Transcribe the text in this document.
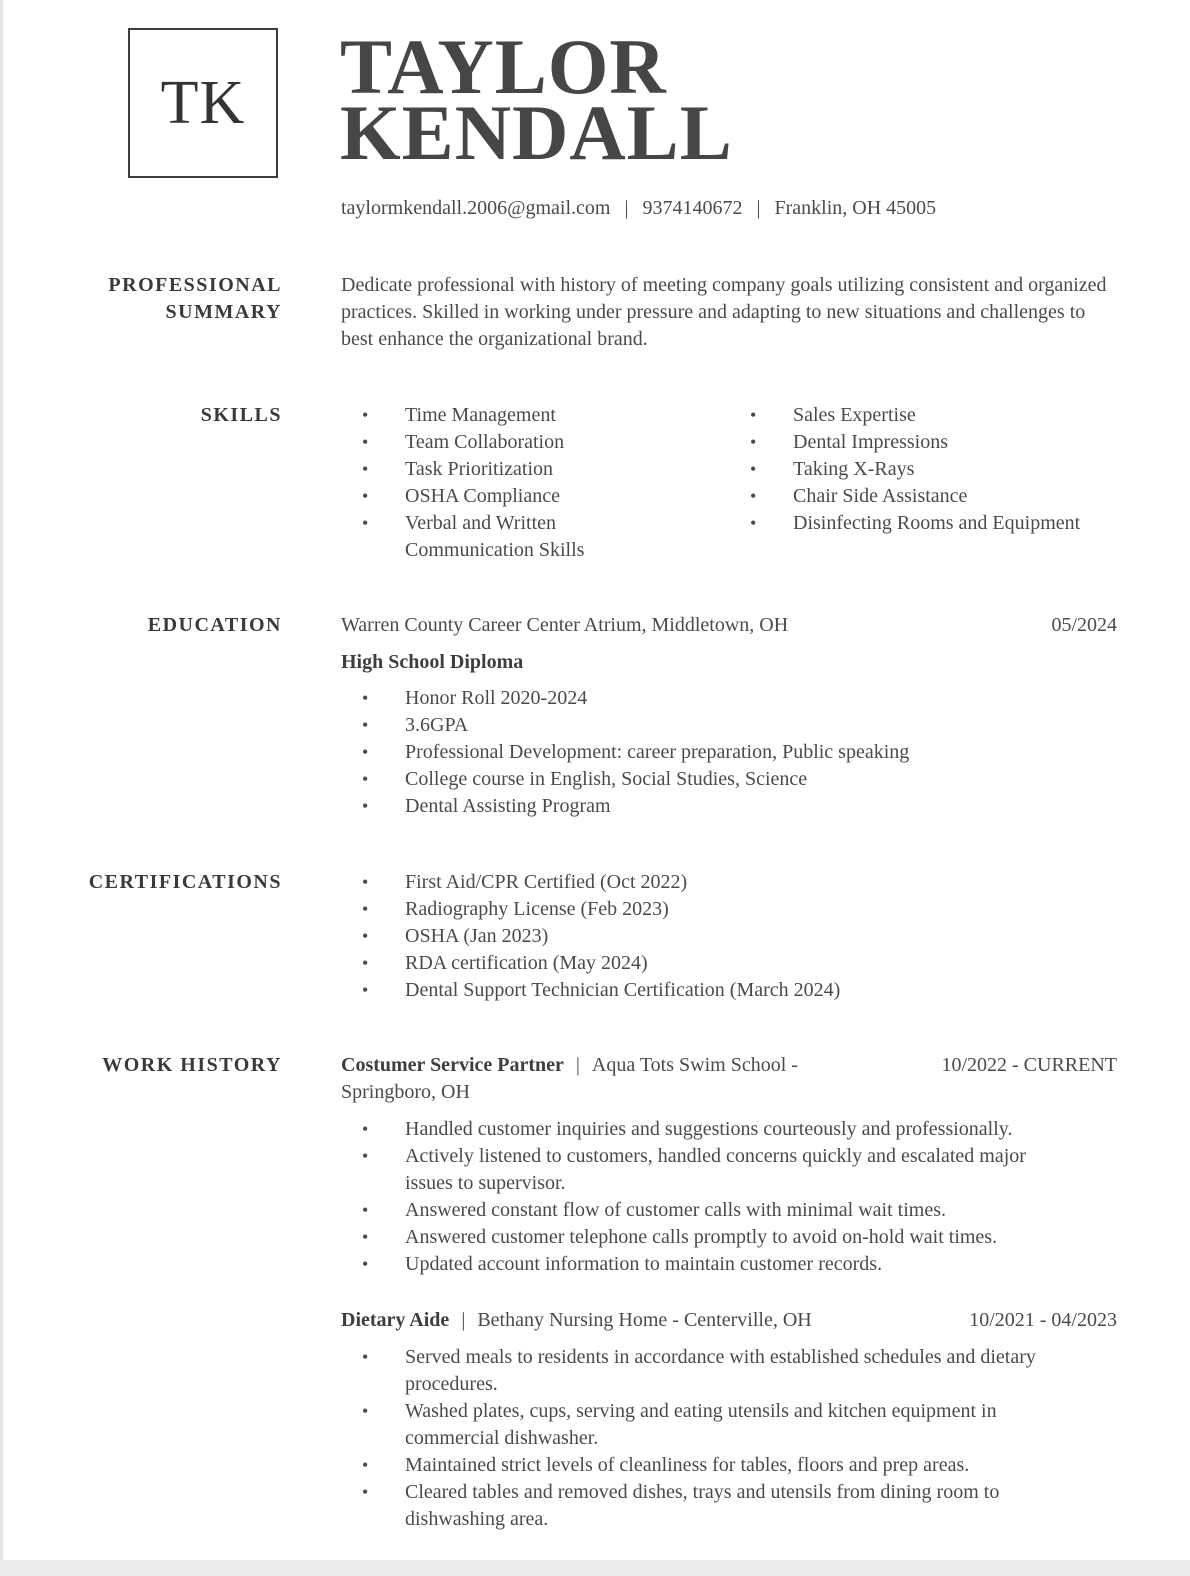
TK TAYLOR
KENDALL
taylormkendall.2006@gmail.com | 9374140672 | Franklin, OH 45005
PROFESSIONAL
SUMMARY
Dedicate professional with history of meeting company goals utilizing consistent and organized practices. Skilled in working under pressure and adapting to new situations and challenges to best enhance the organizational brand.
SKILLS	• Time Management
• Team Collaboration
• Task Prioritization
• OSHA Compliance
• Verbal and Written Communication Skills
• Sales Expertise
• Dental Impressions
• Taking X-Rays
• Chair Side Assistance
• Disinfecting Rooms and Equipment
EDUCATION	Warren County Career Center Atrium, Middletown, OH	05/2024
High School Diploma
• Honor Roll 2020-2024
• 3.6GPA
• Professional Development: career preparation, Public speaking
• College course in English, Social Studies, Science
• Dental Assisting Program
CERTIFICATIONS	• First Aid/CPR Certified (Oct 2022)
• Radiography License (Feb 2023)
• OSHA (Jan 2023)
• RDA certification (May 2024)
• Dental Support Technician Certification (March 2024)
WORK HISTORY	Costumer Service Partner | Aqua Tots Swim School -	10/2022 - CURRENT
Springboro, OH
• Handled customer inquiries and suggestions courteously and professionally.
• Actively listened to customers, handled concerns quickly and escalated major issues to supervisor.
• Answered constant flow of customer calls with minimal wait times.
• Answered customer telephone calls promptly to avoid on-hold wait times.
• Updated account information to maintain customer records.
Dietary Aide | Bethany Nursing Home - Centerville, OH	10/2021 - 04/2023
• Served meals to residents in accordance with established schedules and dietary procedures.
• Washed plates, cups, serving and eating utensils and kitchen equipment in commercial dishwasher.
• Maintained strict levels of cleanliness for tables, floors and prep areas.
• Cleared tables and removed dishes, trays and utensils from dining room to dishwashing area.
